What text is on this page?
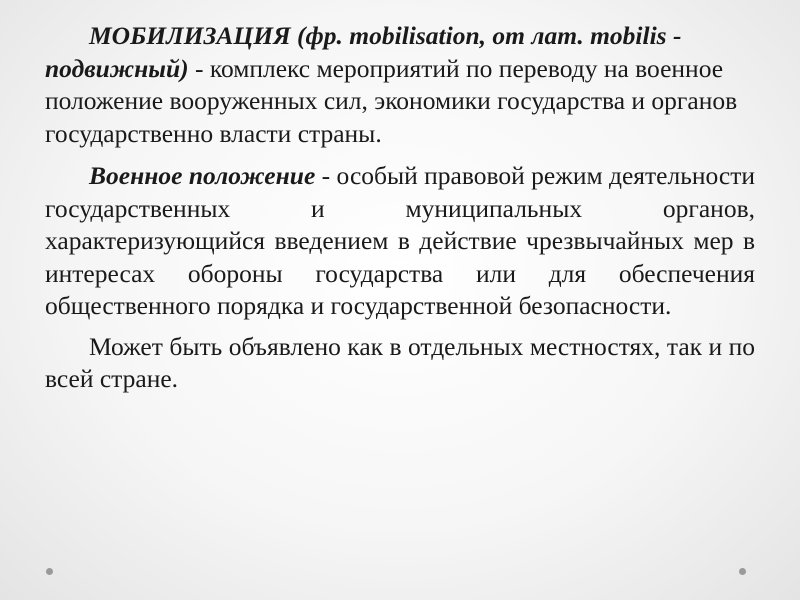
МОБИЛИЗАЦИЯ (фр. mobilisation, от лат. mobilis - подвижный) - комплекс мероприятий по переводу на военное положение вооруженных сил, экономики государства и органов государственно власти страны.

Военное положение - особый правовой режим деятельности государственных и муниципальных органов, характеризующийся введением в действие чрезвычайных мер в интересах обороны государства или для обеспечения общественного порядка и государственной безопасности.

Может быть объявлено как в отдельных местностях, так и по всей стране.
